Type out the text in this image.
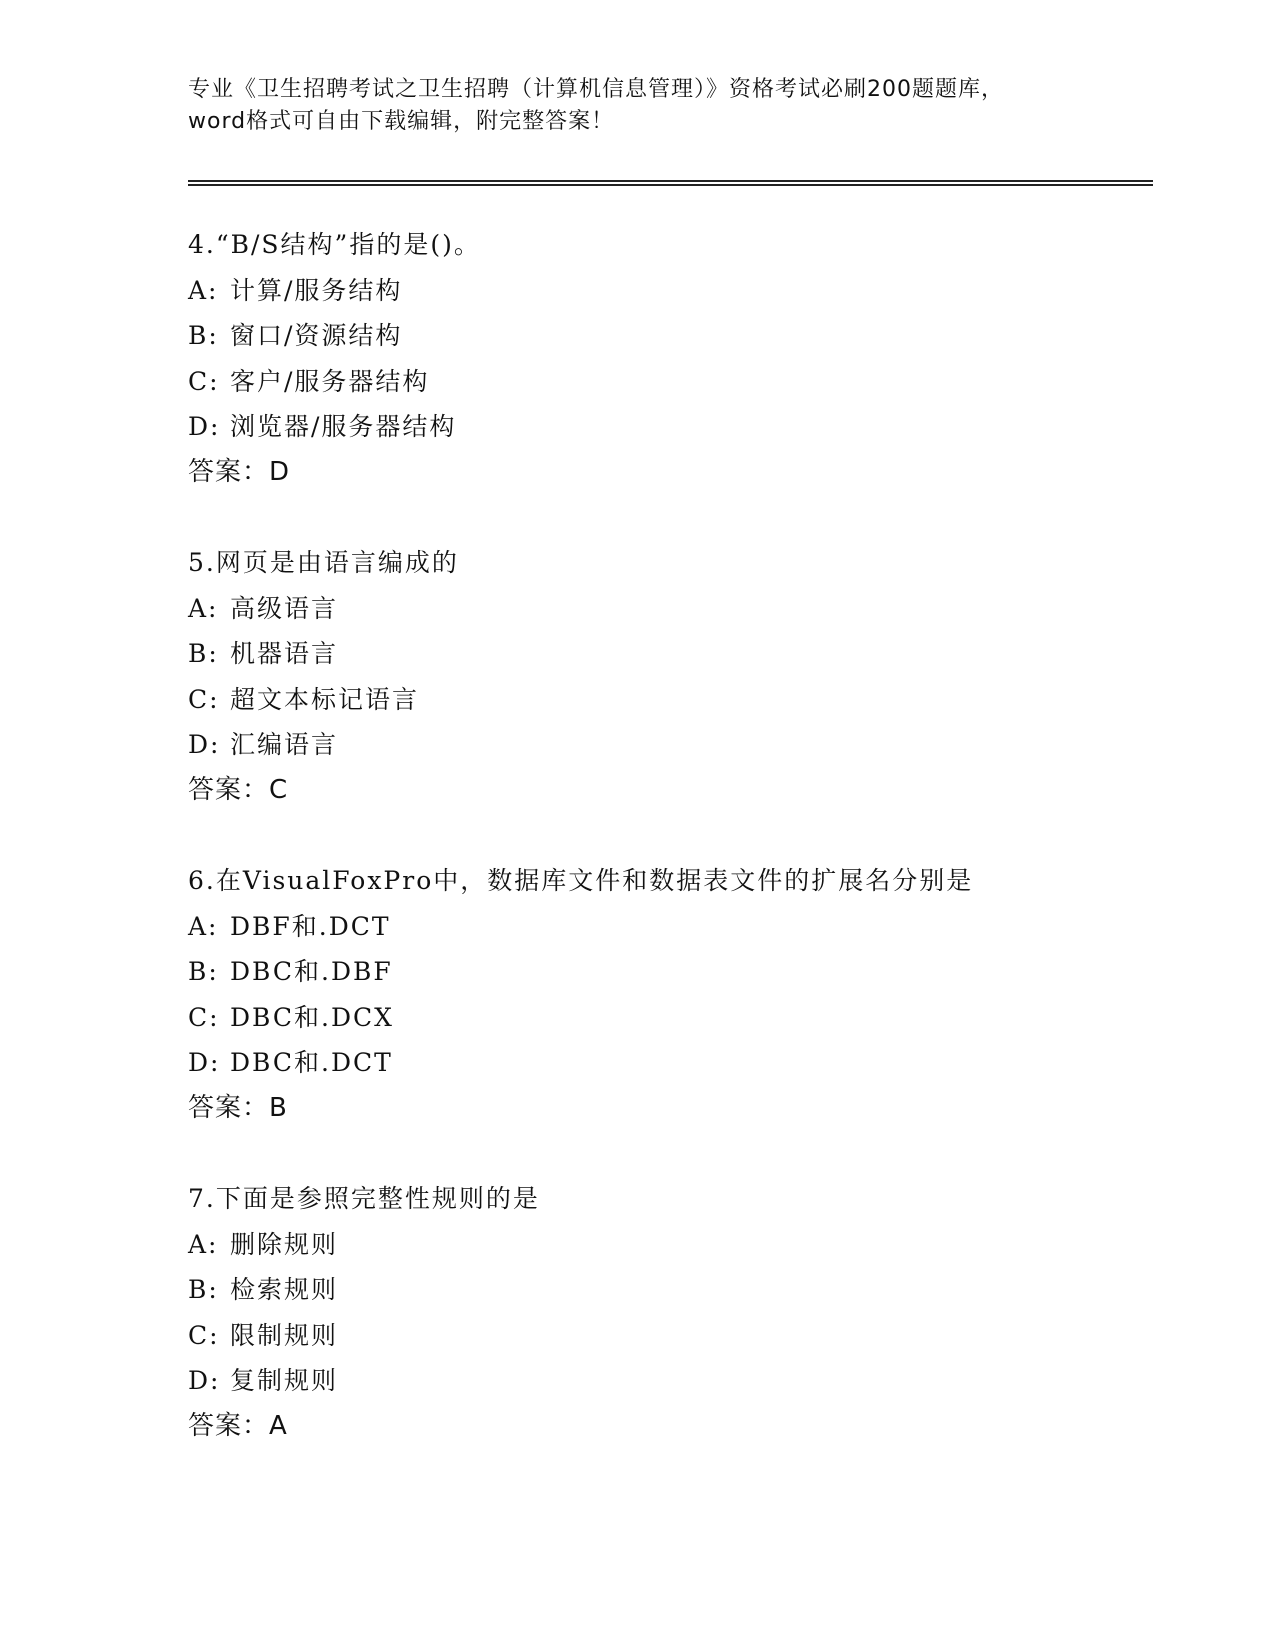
专业《卫生招聘考试之卫生招聘（计算机信息管理）》资格考试必刷200题题库，
word格式可自由下载编辑，附完整答案！
4.“B/S结构”指的是()。
A: 计算/服务结构
B: 窗口/资源结构
C: 客户/服务器结构
D: 浏览器/服务器结构
答案：D
5.网页是由语言编成的
A: 高级语言
B: 机器语言
C: 超文本标记语言
D: 汇编语言
答案：C
6.在VisualFoxPro中，数据库文件和数据表文件的扩展名分别是
A: DBF和.DCT
B: DBC和.DBF
C: DBC和.DCX
D: DBC和.DCT
答案：B
7.下面是参照完整性规则的是
A: 删除规则
B: 检索规则
C: 限制规则
D: 复制规则
答案：A
